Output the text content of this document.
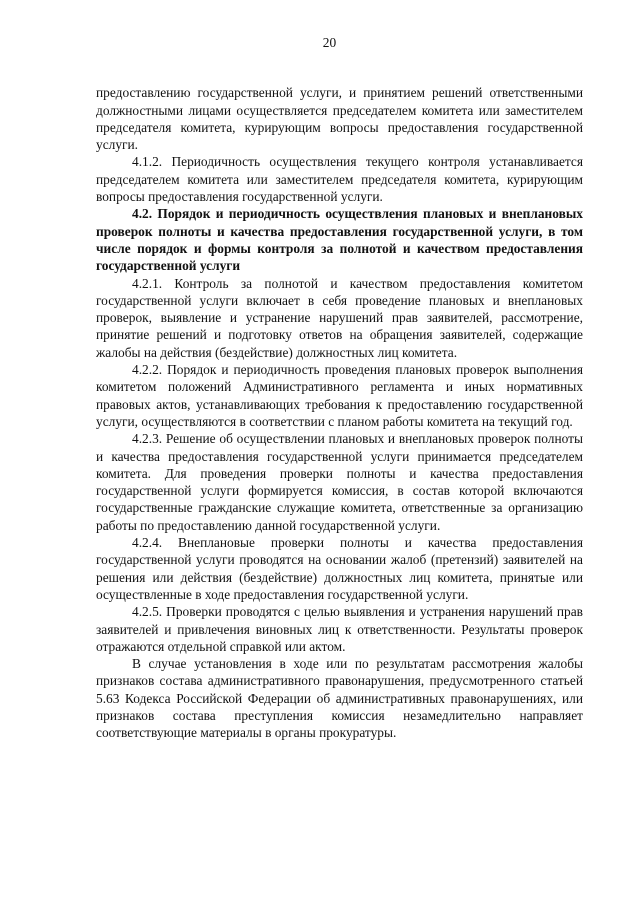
20

предоставлению государственной услуги, и принятием решений ответственными должностными лицами осуществляется председателем комитета или заместителем председателя комитета, курирующим вопросы предоставления государственной услуги.

4.1.2. Периодичность осуществления текущего контроля устанавливается председателем комитета или заместителем председателя комитета, курирующим вопросы предоставления государственной услуги.

4.2. Порядок и периодичность осуществления плановых и внеплановых проверок полноты и качества предоставления государственной услуги, в том числе порядок и формы контроля за полнотой и качеством предоставления государственной услуги

4.2.1. Контроль за полнотой и качеством предоставления комитетом государственной услуги включает в себя проведение плановых и внеплановых проверок, выявление и устранение нарушений прав заявителей, рассмотрение, принятие решений и подготовку ответов на обращения заявителей, содержащие жалобы на действия (бездействие) должностных лиц комитета.

4.2.2. Порядок и периодичность проведения плановых проверок выполнения комитетом положений Административного регламента и иных нормативных правовых актов, устанавливающих требования к предоставлению государственной услуги, осуществляются в соответствии с планом работы комитета на текущий год.

4.2.3. Решение об осуществлении плановых и внеплановых проверок полноты и качества предоставления государственной услуги принимается председателем комитета. Для проведения проверки полноты и качества предоставления государственной услуги формируется комиссия, в состав которой включаются государственные гражданские служащие комитета, ответственные за организацию работы по предоставлению данной государственной услуги.

4.2.4. Внеплановые проверки полноты и качества предоставления государственной услуги проводятся на основании жалоб (претензий) заявителей на решения или действия (бездействие) должностных лиц комитета, принятые или осуществленные в ходе предоставления государственной услуги.

4.2.5. Проверки проводятся с целью выявления и устранения нарушений прав заявителей и привлечения виновных лиц к ответственности. Результаты проверок отражаются отдельной справкой или актом.

В случае установления в ходе или по результатам рассмотрения жалобы признаков состава административного правонарушения, предусмотренного статьей 5.63 Кодекса Российской Федерации об административных правонарушениях, или признаков состава преступления комиссия незамедлительно направляет соответствующие материалы в органы прокуратуры.
